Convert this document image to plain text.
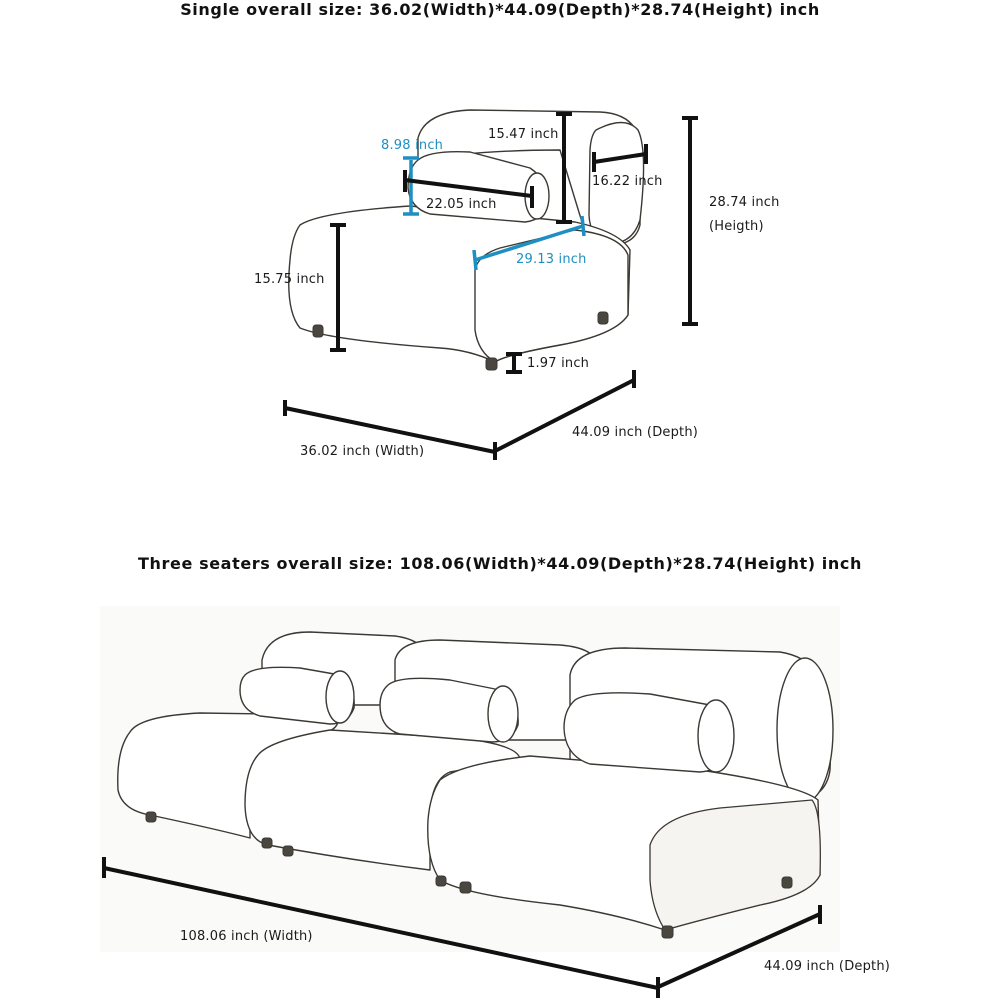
Single overall size: 36.02(Width)*44.09(Depth)*28.74(Height) inch
Three seaters overall size: 108.06(Width)*44.09(Depth)*28.74(Height) inch
8.98 inch
22.05 inch
15.47 inch
16.22 inch
29.13 inch
15.75 inch
1.97 inch
28.74 inch
(Heigth)
36.02 inch (Width)
44.09 inch (Depth)
108.06 inch (Width)
44.09 inch (Depth)
